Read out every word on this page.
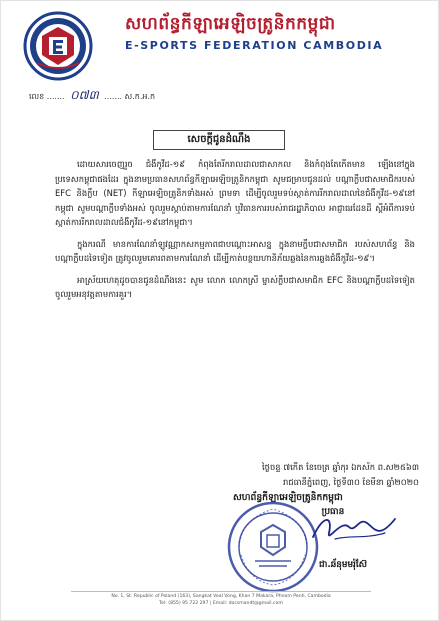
សហព័ន្ធកីឡាអេឡិចត្រូនិកកម្ពុជា
E-SPORTS FEDERATION CAMBODIA
លេខ ....... ០៧៣ ....... ស.ក.អ.ក
សេចក្តីជូនដំណឹង

ដោយសារចេញរួច ជំងឺកូវីដ-១៩ កំពុងតែរីករាលដាលជាសាកល និងកំពុងតែកើតមាន ឡើងនៅក្នុងប្រទេសកម្ពុជាផងដែរ ក្នុងនាមប្រធានសហព័ន្ធកីឡាអេឡិចត្រូនិកកម្ពុជា សូមជម្រាបជូនដល់ បណ្តាក្លឹបជាសមាជិករបស់ EFC និងក្លឹប (NET) កីឡាអេឡិចត្រូនិកទាំងអស់ ព្រមទា ដើម្បីចូលរួមទប់ស្កាត់ការរីករាលដាលនៃជំងឺកូវីដ-១៩នៅកម្ពុជា សូមបណ្តាក្លឹបទាំងអស់ ចូលរួមស្តាប់តាមការណែនាំ ឬវិធានការរបស់រាជរដ្ឋាភិបាល អាជ្ញាធរដែនដី ស្តីអំពីការទប់ស្កាត់ការរីករាលដាលជំងឺកូវីដ-១៩នៅកម្ពុជា។

ក្នុងករណី មានការណែនាំឡូវណ្ណាកសកម្មភាពជាបណ្តោះអាសន្ន ក្នុងនាមក្លឹបជាសមាជិក របស់សហព័ន្ធ និងបណ្តាក្លឹបដទៃទៀត ត្រូវចូលរួមគោរពតាមការណែនាំ ដើម្បីកាត់បន្ថយហានិភ័យឆ្លងនៃការឆ្លងជំងឺកូវីដ-១៩។

អាស្រ័យហេតុដូចបានជូនដំណឹងនេះ សូម លោក លោកស្រី ម្ចាស់ក្លឹបជាសមាជិក EFC និងបណ្តាក្លឹបដទៃទៀត ចូលរួមអនុវត្តតាមការគួរ។

ថ្ងៃចន្ទ ៧កើត ខែចេត្រ ឆ្នាំកុរ ឯកស័ក ព.ស២៥៦៣
រាជធានីភ្នំពេញ, ថ្ងៃទី៣០ ខែមីនា ឆ្នាំ២០២០
សហព័ន្ធកីឡាអេឡិចត្រូនិកកម្ពុជា
ប្រធាន
ជា.ឆ័នុមមរ៉ុស៊ែ
No. 1, St. Republic of Poland (163), Sangkat Veal Vong, Khan 7 Makara, Phnom Penh, Cambodia
Tel: (855) 95 722 297 | Email: docsmandt@gmail.com
